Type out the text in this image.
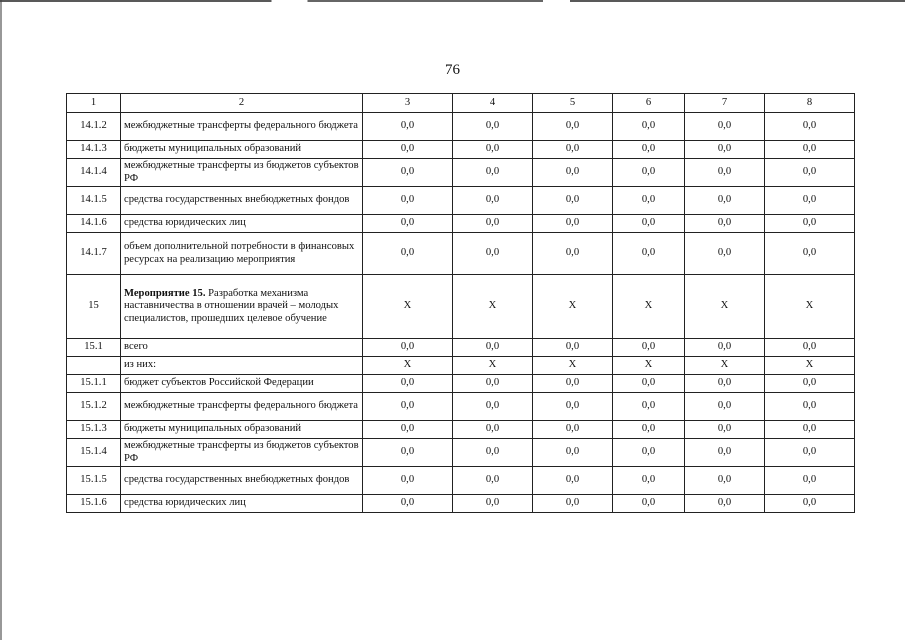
76
1	2	3	4	5	6	7	8
14.1.2	межбюджетные трансферты федерального бюджета	0,0	0,0	0,0	0,0	0,0	0,0
14.1.3	бюджеты муниципальных образований	0,0	0,0	0,0	0,0	0,0	0,0
14.1.4	межбюджетные трансферты из бюджетов субъектов РФ	0,0	0,0	0,0	0,0	0,0	0,0
14.1.5	средства государственных внебюджетных фондов	0,0	0,0	0,0	0,0	0,0	0,0
14.1.6	средства юридических лиц	0,0	0,0	0,0	0,0	0,0	0,0
14.1.7	объем дополнительной потребности в финансовых ресурсах на реализацию мероприятия	0,0	0,0	0,0	0,0	0,0	0,0
15	Мероприятие 15. Разработка механизма наставничества в отношении врачей – молодых специалистов, прошедших целевое обучение	X	X	X	X	X	X
15.1	всего	0,0	0,0	0,0	0,0	0,0	0,0
	из них:	X	X	X	X	X	X
15.1.1	бюджет субъектов Российской Федерации	0,0	0,0	0,0	0,0	0,0	0,0
15.1.2	межбюджетные трансферты федерального бюджета	0,0	0,0	0,0	0,0	0,0	0,0
15.1.3	бюджеты муниципальных образований	0,0	0,0	0,0	0,0	0,0	0,0
15.1.4	межбюджетные трансферты из бюджетов субъектов РФ	0,0	0,0	0,0	0,0	0,0	0,0
15.1.5	средства государственных внебюджетных фондов	0,0	0,0	0,0	0,0	0,0	0,0
15.1.6	средства юридических лиц	0,0	0,0	0,0	0,0	0,0	0,0
